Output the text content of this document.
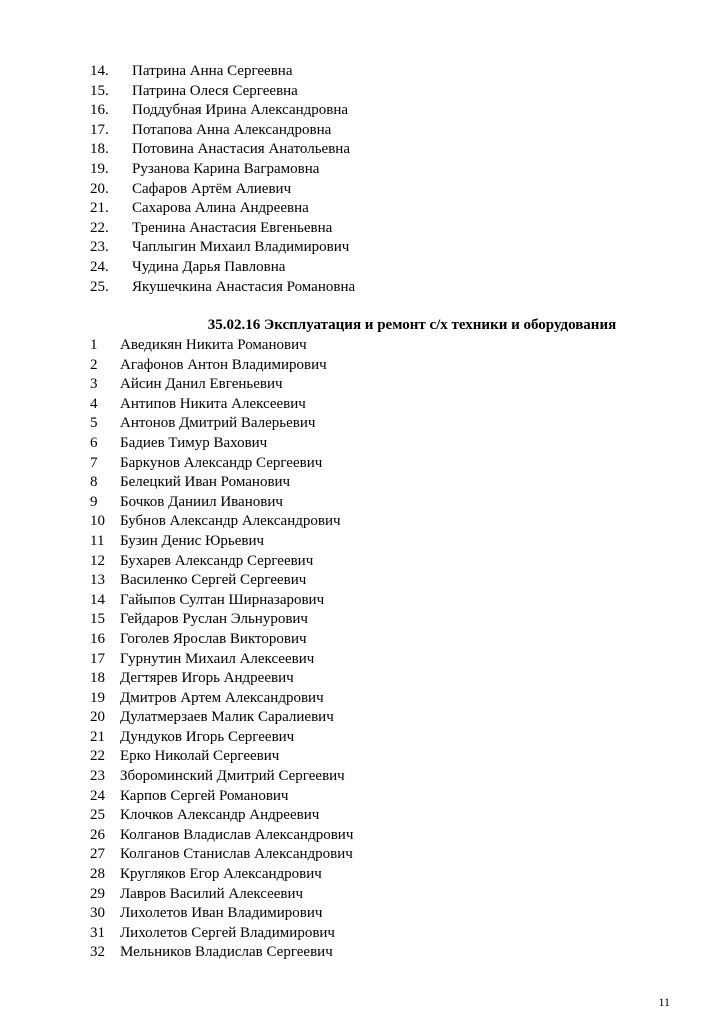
14. Патрина Анна Сергеевна
15. Патрина Олеся Сергеевна
16. Поддубная Ирина Александровна
17. Потапова Анна Александровна
18. Потовина Анастасия Анатольевна
19. Рузанова Карина Ваграмовна
20. Сафаров Артём Алиевич
21. Сахарова Алина Андреевна
22. Тренина Анастасия Евгеньевна
23. Чаплыгин Михаил Владимирович
24. Чудина Дарья Павловна
25. Якушечкина Анастасия Романовна
35.02.16 Эксплуатация и ремонт с/х техники и оборудования
1 Аведикян Никита Романович
2 Агафонов Антон Владимирович
3 Айсин Данил Евгеньевич
4 Антипов Никита Алексеевич
5 Антонов Дмитрий Валерьевич
6 Бадиев Тимур Вахович
7 Баркунов Александр Сергеевич
8 Белецкий Иван Романович
9 Бочков Даниил Иванович
10 Бубнов Александр Александрович
11 Бузин Денис Юрьевич
12 Бухарев Александр Сергеевич
13 Василенко Сергей Сергеевич
14 Гайыпов Султан Ширназарович
15 Гейдаров Руслан Эльнурович
16 Гоголев Ярослав Викторович
17 Гурнутин Михаил Алексеевич
18 Дегтярев Игорь Андреевич
19 Дмитров Артем Александрович
20 Дулатмерзаев Малик Саралиевич
21 Дундуков Игорь Сергеевич
22 Ерко Николай Сергеевич
23 Збороминский Дмитрий Сергеевич
24 Карпов Сергей Романович
25 Клочков Александр Андреевич
26 Колганов Владислав Александрович
27 Колганов Станислав Александрович
28 Кругляков Егор Александрович
29 Лавров Василий Алексеевич
30 Лихолетов Иван Владимирович
31 Лихолетов Сергей Владимирович
32 Мельников Владислав Сергеевич
11
